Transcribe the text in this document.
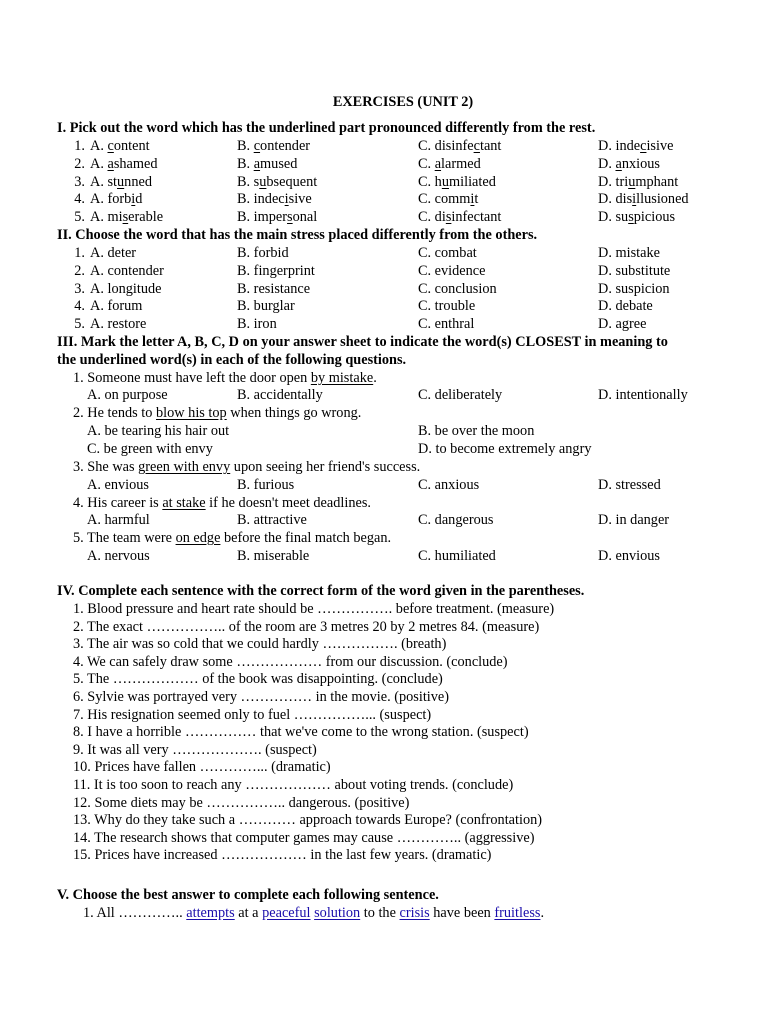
EXERCISES (UNIT 2)
I. Pick out the word which has the underlined part pronounced differently from the rest.
1. A. content	B. contender	C. disinfectant	D. indecisive
2. A. ashamed	B. amused	C. alarmed	D. anxious
3. A. stunned	B. subsequent	C. humiliated	D. triumphant
4. A. forbid	B. indecisive	C. commit	D. disillusioned
5. A. miserable	B. impersonal	C. disinfectant	D. suspicious
II. Choose the word that has the main stress placed differently from the others.
1. A. deter	B. forbid	C. combat	D. mistake
2. A. contender	B. fingerprint	C. evidence	D. substitute
3. A. longitude	B. resistance	C. conclusion	D. suspicion
4. A. forum	B. burglar	C. trouble	D. debate
5. A. restore	B. iron	C. enthral	D. agree
III. Mark the letter A, B, C, D on your answer sheet to indicate the word(s) CLOSEST in meaning to
the underlined word(s) in each of the following questions.
1. Someone must have left the door open by mistake.
A. on purpose	B. accidentally	C. deliberately	D. intentionally
2. He tends to blow his top when things go wrong.
A. be tearing his hair out	B. be over the moon
C. be green with envy	D. to become extremely angry
3. She was green with envy upon seeing her friend's success.
A. envious	B. furious	C. anxious	D. stressed
4. His career is at stake if he doesn't meet deadlines.
A. harmful	B. attractive	C. dangerous	D. in danger
5. The team were on edge before the final match began.
A. nervous	B. miserable	C. humiliated	D. envious
IV. Complete each sentence with the correct form of the word given in the parentheses.
1. Blood pressure and heart rate should be ……………. before treatment. (measure)
2. The exact …………….. of the room are 3 metres 20 by 2 metres 84. (measure)
3. The air was so cold that we could hardly ……………. (breath)
4. We can safely draw some ……………… from our discussion. (conclude)
5. The ……………… of the book was disappointing. (conclude)
6. Sylvie was portrayed very …………… in the movie. (positive)
7. His resignation seemed only to fuel ……………... (suspect)
8. I have a horrible …………… that we've come to the wrong station. (suspect)
9. It was all very ………………. (suspect)
10. Prices have fallen …………... (dramatic)
11. It is too soon to reach any ……………… about voting trends. (conclude)
12. Some diets may be …………….. dangerous. (positive)
13. Why do they take such a ………… approach towards Europe? (confrontation)
14. The research shows that computer games may cause ………….. (aggressive)
15. Prices have increased ……………… in the last few years. (dramatic)
V. Choose the best answer to complete each following sentence.
1. All ………….. attempts at a peaceful solution to the crisis have been fruitless.
